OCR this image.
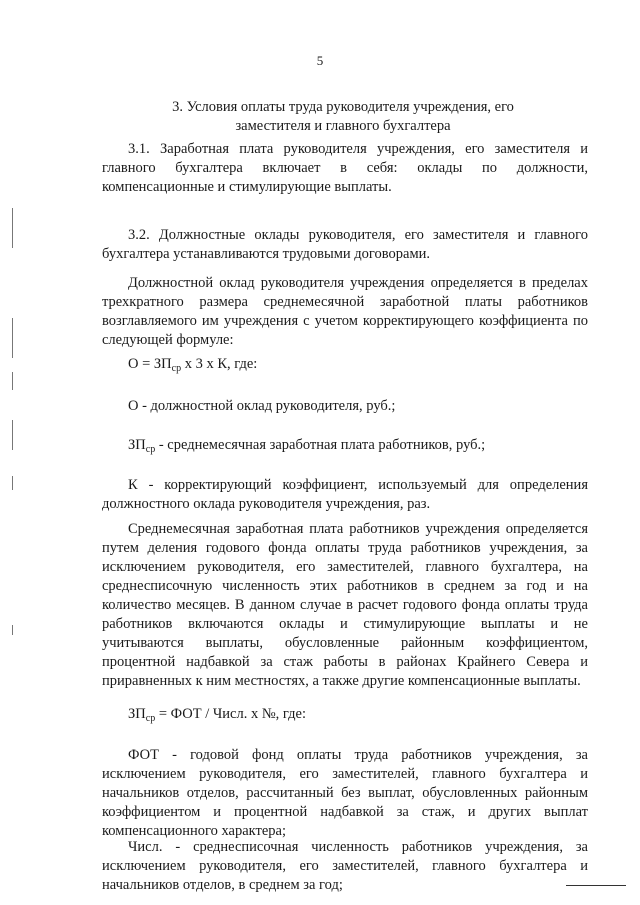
5
3. Условия оплаты труда руководителя учреждения, его
заместителя и главного бухгалтера

3.1. Заработная плата руководителя учреждения, его заместителя и главного бухгалтера включает в себя: оклады по должности, компенсационные и стимулирующие выплаты.

3.2. Должностные оклады руководителя, его заместителя и главного бухгалтера устанавливаются трудовыми договорами.

Должностной оклад руководителя учреждения определяется в пределах трехкратного размера среднемесячной заработной платы работников возглавляемого им учреждения с учетом корректирующего коэффициента по следующей формуле:

$О = ЗП_{ср}$ х 3 х К, где:
О - должностной оклад руководителя, руб.;
$ЗП_{ср}$ - среднемесячная заработная плата работников, руб.;

К - корректирующий коэффициент, используемый для определения должностного оклада руководителя учреждения, раз.

Среднемесячная заработная плата работников учреждения определяется путем деления годового фонда оплаты труда работников учреждения, за исключением руководителя, его заместителей, главного бухгалтера, на среднесписочную численность этих работников в среднем за год и на количество месяцев. В данном случае в расчет годового фонда оплаты труда работников включаются оклады и стимулирующие выплаты и не учитываются выплаты, обусловленные районным коэффициентом, процентной надбавкой за стаж работы в районах Крайнего Севера и приравненных к ним местностях, а также другие компенсационные выплаты.

$ЗП_{ср}$ = ФОТ / Числ. х №, где:

ФОТ - годовой фонд оплаты труда работников учреждения, за исключением руководителя, его заместителей, главного бухгалтера и начальников отделов, рассчитанный без выплат, обусловленных районным коэффициентом и процентной надбавкой за стаж, и других выплат компенсационного характера;

Числ. - среднесписочная численность работников учреждения, за исключением руководителя, его заместителей, главного бухгалтера и начальников отделов, в среднем за год;
